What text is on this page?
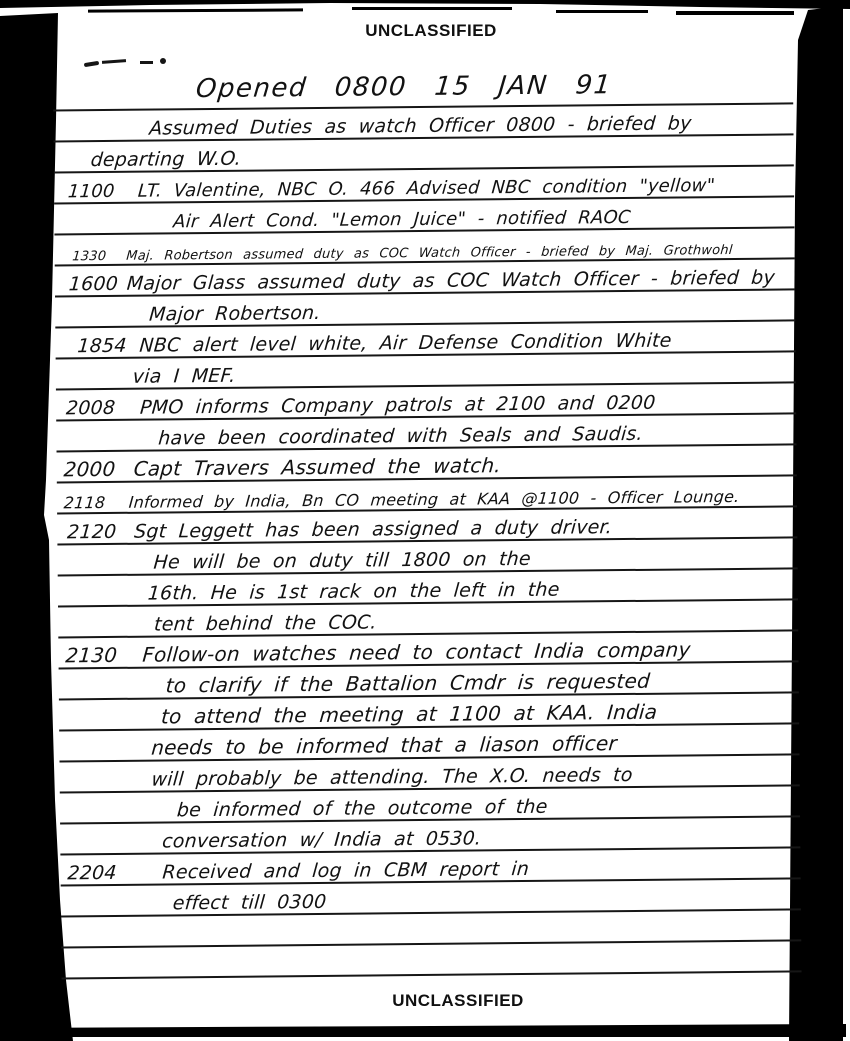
UNCLASSIFIED
UNCLASSIFIED
Opened 0800 15 JAN 91
Assumed Duties as watch Officer 0800 - briefed by
departing W.O.
1100 LT. Valentine, NBC O. 466 Advised NBC condition "yellow"
Air Alert Cond. "Lemon Juice" - notified RAOC
1330 Maj. Robertson assumed duty as COC Watch Officer - briefed by Maj. Grothwohl
1600 Major Glass assumed duty as COC Watch Officer - briefed by
Major Robertson.
1854 NBC alert level white, Air Defense Condition White
via I MEF.
2008 PMO informs Company patrols at 2100 and 0200
have been coordinated with Seals and Saudis.
2000 Capt Travers Assumed the watch.
2118 Informed by India, Bn CO meeting at KAA @1100 - Officer Lounge.
2120 Sgt Leggett has been assigned a duty driver.
He will be on duty till 1800 on the
16th. He is 1st rack on the left in the
tent behind the COC.
2130 Follow-on watches need to contact India company
to clarify if the Battalion Cmdr is requested
to attend the meeting at 1100 at KAA. India
needs to be informed that a liason officer
will probably be attending. The X.O. needs to
be informed of the outcome of the
conversation w/ India at 0530.
2204 Received and log in CBM report in
effect till 0300
